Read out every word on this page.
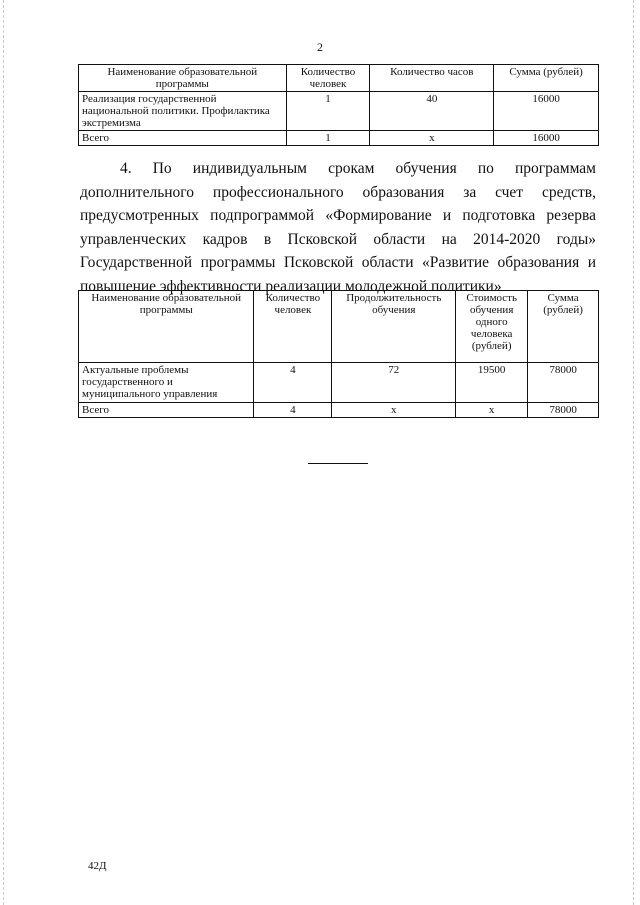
2
Наименование образовательной программы	Количество человек	Количество часов	Сумма (рублей)
Реализация государственной национальной политики. Профилактика экстремизма	1	40	16000
Всего	1	х	16000
4. По индивидуальным срокам обучения по программам дополнительного профессионального образования за счет средств, предусмотренных подпрограммой «Формирование и подготовка резерва управленческих кадров в Псковской области на 2014-2020 годы» Государственной программы Псковской области «Развитие образования и повышение эффективности реализации молодежной политики»
Наименование образовательной программы	Количество человек	Продолжительность обучения	Стоимость обучения одного человека (рублей)	Сумма (рублей)
Актуальные проблемы государственного и муниципального управления	4	72	19500	78000
Всего	4	х	х	78000
42Д
